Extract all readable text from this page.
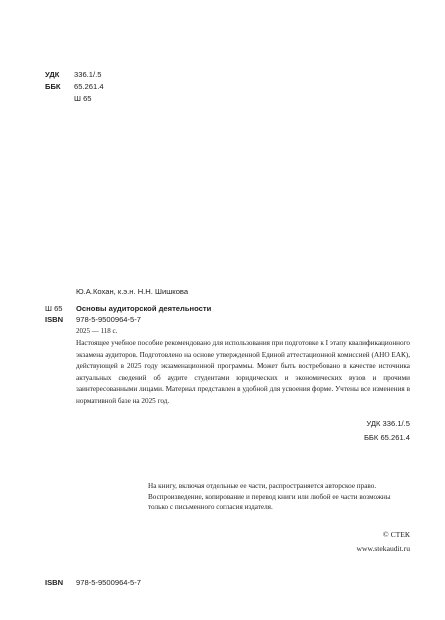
УДК 336.1/.5
ББК 65.261.4
Ш 65
Ю.А.Кохан, к.э.н. Н.Н. Шишкова
Ш 65 Основы аудиторской деятельности
ISBN 978-5-9500964-5-7
2025 — 118 с.

Настоящее учебное пособие рекомендовано для использования при подготовке к I этапу квалификационного экзамена аудиторов. Подготовлено на основе утвержденной Единой аттестационной комиссией (АНО ЕАК), действующей в 2025 году экзаменационной программы. Может быть востребовано в качестве источника актуальных сведений об аудите студентами юридических и экономических вузов и прочими заинтересованными лицами. Материал представлен в удобной для усвоения форме. Учтены все изменения в нормативной базе на 2025 год.

УДК 336.1/.5
ББК 65.261.4
На книгу, включая отдельные ее части, распространяется авторское право. Воспроизведение, копирование и перевод книги или любой ее части возможны только с письменного согласия издателя.
© СТЕК
www.stekaudit.ru
ISBN 978-5-9500964-5-7
